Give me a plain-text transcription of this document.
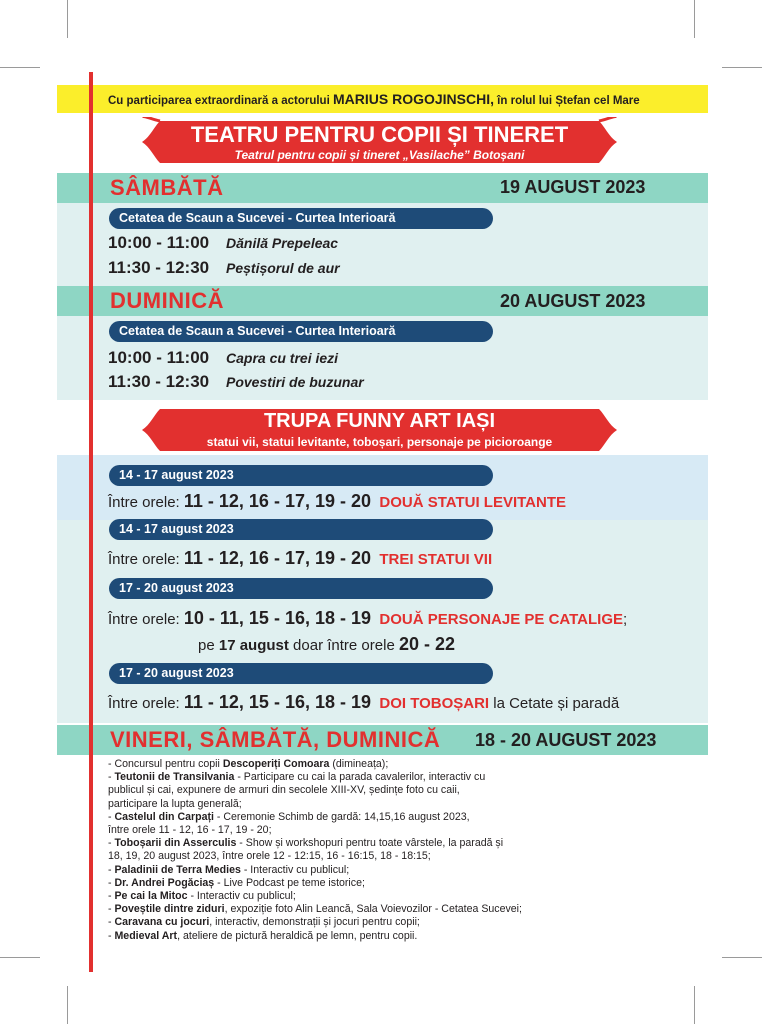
Cu participarea extraordinară a actorului MARIUS ROGOJINSCHI, în rolul lui Ștefan cel Mare
TEATRU PENTRU COPII ȘI TINERET
Teatrul pentru copii și tineret „Vasilache” Botoșani
SÂMBĂTĂ	19 AUGUST 2023
Cetatea de Scaun a Sucevei - Curtea Interioară
10:00 - 11:00 Dănilă Prepeleac
11:30 - 12:30 Peștișorul de aur
DUMINICĂ	20 AUGUST 2023
Cetatea de Scaun a Sucevei - Curtea Interioară
10:00 - 11:00 Capra cu trei iezi
11:30 - 12:30 Povestiri de buzunar
TRUPA FUNNY ART IAȘI
statui vii, statui levitante, toboșari, personaje pe picioroange
14 - 17 august 2023
Între orele: 11 - 12, 16 - 17, 19 - 20 DOUĂ STATUI LEVITANTE
14 - 17 august 2023
Între orele: 11 - 12, 16 - 17, 19 - 20 TREI STATUI VII
17 - 20 august 2023
Între orele: 10 - 11, 15 - 16, 18 - 19 DOUĂ PERSONAJE PE CATALIGE;
pe 17 august doar între orele 20 - 22
17 - 20 august 2023
Între orele: 11 - 12, 15 - 16, 18 - 19 DOI TOBOȘARI la Cetate și paradă
VINERI, SÂMBĂTĂ, DUMINICĂ 18 - 20 AUGUST 2023
- Concursul pentru copii Descoperiți Comoara (dimineața);
- Teutonii de Transilvania - Participare cu cai la parada cavalerilor, interactiv cu
publicul și cai, expunere de armuri din secolele XIII-XV, ședințe foto cu caii,
participare la lupta generală;
- Castelul din Carpați - Ceremonie Schimb de gardă: 14,15,16 august 2023,
între orele 11 - 12, 16 - 17, 19 - 20;
- Toboșarii din Asserculis - Show și workshopuri pentru toate vârstele, la paradă și
18, 19, 20 august 2023, între orele 12 - 12:15, 16 - 16:15, 18 - 18:15;
- Paladinii de Terra Medies - Interactiv cu publicul;
- Dr. Andrei Pogăciaș - Live Podcast pe teme istorice;
- Pe cai la Mitoc - Interactiv cu publicul;
- Poveștile dintre ziduri, expoziție foto Alin Leancă, Sala Voievozilor - Cetatea Sucevei;
- Caravana cu jocuri, interactiv, demonstrații și jocuri pentru copii;
- Medieval Art, ateliere de pictură heraldică pe lemn, pentru copii.
